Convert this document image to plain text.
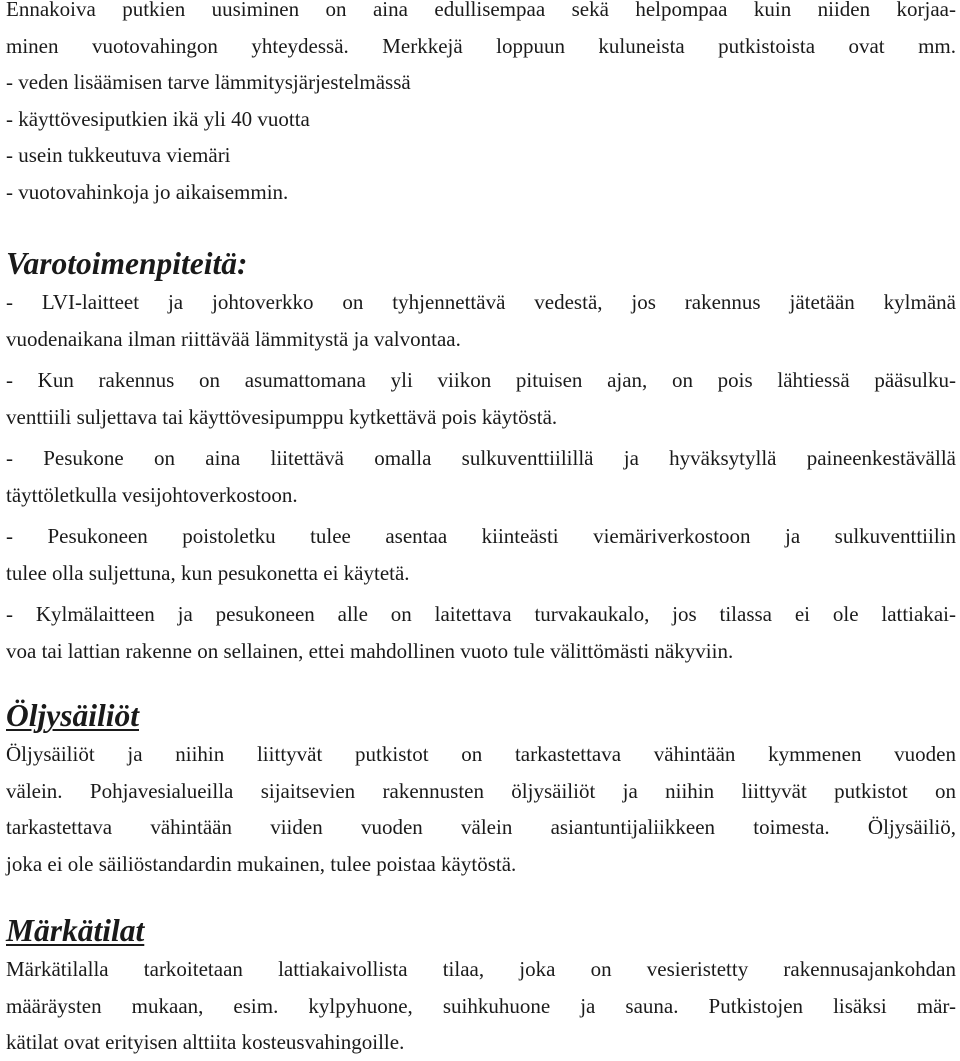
Ennakoiva putkien uusiminen on aina edullisempaa sekä helpompaa kuin niiden korjaa-
minen vuotovahingon yhteydessä. Merkkejä loppuun kuluneista putkistoista ovat mm.

- veden lisäämisen tarve lämmitysjärjestelmässä
- käyttövesiputkien ikä yli 40 vuotta
- usein tukkeutuva viemäri
- vuotovahinkoja jo aikaisemmin.
Varotoimenpiteitä:
- LVI-laitteet ja johtoverkko on tyhjennettävä vedestä, jos rakennus jätetään kylmänä
vuodenaikana ilman riittävää lämmitystä ja valvontaa.
- Kun rakennus on asumattomana yli viikon pituisen ajan, on pois lähtiessä pääsulku-
venttiili suljettava tai käyttövesipumppu kytkettävä pois käytöstä.
- Pesukone on aina liitettävä omalla sulkuventtiilillä ja hyväksytyllä paineenkestävällä
täyttöletkulla vesijohtoverkostoon.
- Pesukoneen poistoletku tulee asentaa kiinteästi viemäriverkostoon ja sulkuventtiilin
tulee olla suljettuna, kun pesukonetta ei käytetä.
- Kylmälaitteen ja pesukoneen alle on laitettava turvakaukalo, jos tilassa ei ole lattiakai-
voa tai lattian rakenne on sellainen, ettei mahdollinen vuoto tule välittömästi näkyviin.
Öljysäiliöt

Öljysäiliöt ja niihin liittyvät putkistot on tarkastettava vähintään kymmenen vuoden
välein. Pohjavesialueilla sijaitsevien rakennusten öljysäiliöt ja niihin liittyvät putkistot on
tarkastettava vähintään viiden vuoden välein asiantuntijaliikkeen toimesta. Öljysäiliö,
joka ei ole säiliöstandardin mukainen, tulee poistaa käytöstä.

Märkätilat

Märkätilalla tarkoitetaan lattiakaivollista tilaa, joka on vesieristetty rakennusajankohdan
määräysten mukaan, esim. kylpyhuone, suihkuhuone ja sauna. Putkistojen lisäksi mär-
kätilat ovat erityisen alttiita kosteusvahingoille.
